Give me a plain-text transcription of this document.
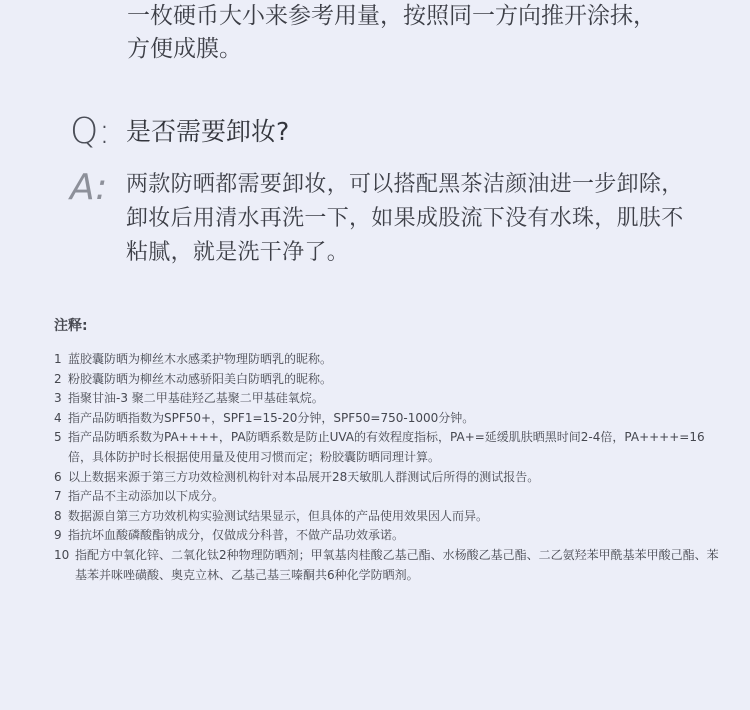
一枚硬币大小来参考用量，按照同一方向推开涂抹，

方便成膜。

Q: 是否需要卸妆?
A: 两款防晒都需要卸妆，可以搭配黑茶洁颜油进一步卸除，卸妆后用清水再洗一下，如果成股流下没有水珠，肌肤不粘腻，就是洗干净了。
注释:
1 蓝胶囊防晒为柳丝木水感柔护物理防晒乳的昵称。
2 粉胶囊防晒为柳丝木动感骄阳美白防晒乳的昵称。
3 指聚甘油-3 聚二甲基硅羟乙基聚二甲基硅氧烷。
4 指产品防晒指数为SPF50+，SPF1=15-20分钟，SPF50=750-1000分钟。
5 指产品防晒系数为PA++++，PA防晒系数是防止UVA的有效程度指标，PA+=延缓肌肤晒黑时间2-4倍，PA++++=16倍，具体防护时长根据使用量及使用习惯而定；粉胶囊防晒同理计算。
6 以上数据来源于第三方功效检测机构针对本品展开28天敏肌人群测试后所得的测试报告。
7 指产品不主动添加以下成分。
8 数据源自第三方功效机构实验测试结果显示，但具体的产品使用效果因人而异。
9 指抗坏血酸磷酸酯钠成分，仅做成分科普，不做产品功效承诺。
10 指配方中氧化锌、二氧化钛2种物理防晒剂；甲氧基肉桂酸乙基己酯、水杨酸乙基己酯、二乙氨羟苯甲酰基苯甲酸己酯、苯基苯并咪唑磺酸、奥克立林、乙基己基三嗪酮共6种化学防晒剂。
